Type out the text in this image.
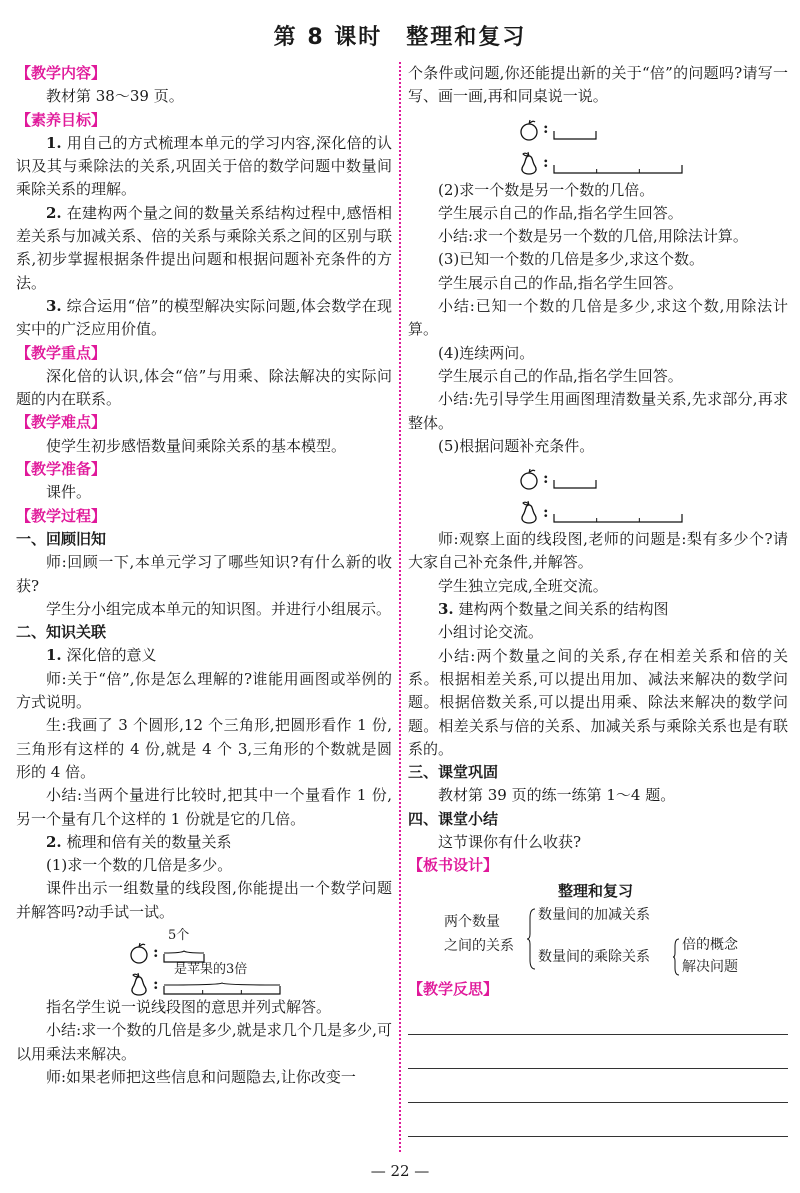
第 8 课时　整理和复习

【教学内容】

教材第 38～39 页。

【素养目标】

1. 用自己的方式梳理本单元的学习内容,深化倍的认识及其与乘除法的关系,巩固关于倍的数学问题中数量间乘除关系的理解。

2. 在建构两个量之间的数量关系结构过程中,感悟相差关系与加减关系、倍的关系与乘除关系之间的区别与联系,初步掌握根据条件提出问题和根据问题补充条件的方法。

3. 综合运用“倍”的模型解决实际问题,体会数学在现实中的广泛应用价值。

【教学重点】

深化倍的认识,体会“倍”与用乘、除法解决的实际问题的内在联系。

【教学难点】

使学生初步感悟数量间乘除关系的基本模型。

【教学准备】

课件。

【教学过程】

一、回顾旧知

师:回顾一下,本单元学习了哪些知识?有什么新的收获?

学生分小组完成本单元的知识图。并进行小组展示。

二、知识关联

1. 深化倍的意义

师:关于“倍”,你是怎么理解的?谁能用画图或举例的方式说明。

生:我画了 3 个圆形,12 个三角形,把圆形看作 1 份,三角形有这样的 4 份,就是 4 个 3,三角形的个数就是圆形的 4 倍。

小结:当两个量进行比较时,把其中一个量看作 1 份,另一个量有几个这样的 1 份就是它的几倍。

2. 梳理和倍有关的数量关系

(1)求一个数的几倍是多少。

课件出示一组数量的线段图,你能提出一个数学问题并解答吗?动手试一试。

5个
:
是苹果的3倍
:

指名学生说一说线段图的意思并列式解答。

小结:求一个数的几倍是多少,就是求几个几是多少,可以用乘法来解决。

师:如果老师把这些信息和问题隐去,让你改变一

个条件或问题,你还能提出新的关于“倍”的问题吗?请写一写、画一画,再和同桌说一说。

:
:

(2)求一个数是另一个数的几倍。

学生展示自己的作品,指名学生回答。

小结:求一个数是另一个数的几倍,用除法计算。

(3)已知一个数的几倍是多少,求这个数。

学生展示自己的作品,指名学生回答。

小结:已知一个数的几倍是多少,求这个数,用除法计算。

(4)连续两问。

学生展示自己的作品,指名学生回答。

小结:先引导学生用画图理清数量关系,先求部分,再求整体。

(5)根据问题补充条件。

:
:

师:观察上面的线段图,老师的问题是:梨有多少个?请大家自己补充条件,并解答。

学生独立完成,全班交流。

3. 建构两个数量之间关系的结构图

小组讨论交流。

小结:两个数量之间的关系,存在相差关系和倍的关系。根据相差关系,可以提出用加、减法来解决的数学问题。根据倍数关系,可以提出用乘、除法来解决的数学问题。相差关系与倍的关系、加减关系与乘除关系也是有联系的。

三、课堂巩固

教材第 39 页的练一练第 1～4 题。

四、课堂小结

这节课你有什么收获?

【板书设计】

整理和复习
两个数量
之间的关系
数量间的加减关系
数量间的乘除关系
倍的概念
解决问题

【教学反思】

— 22 —
